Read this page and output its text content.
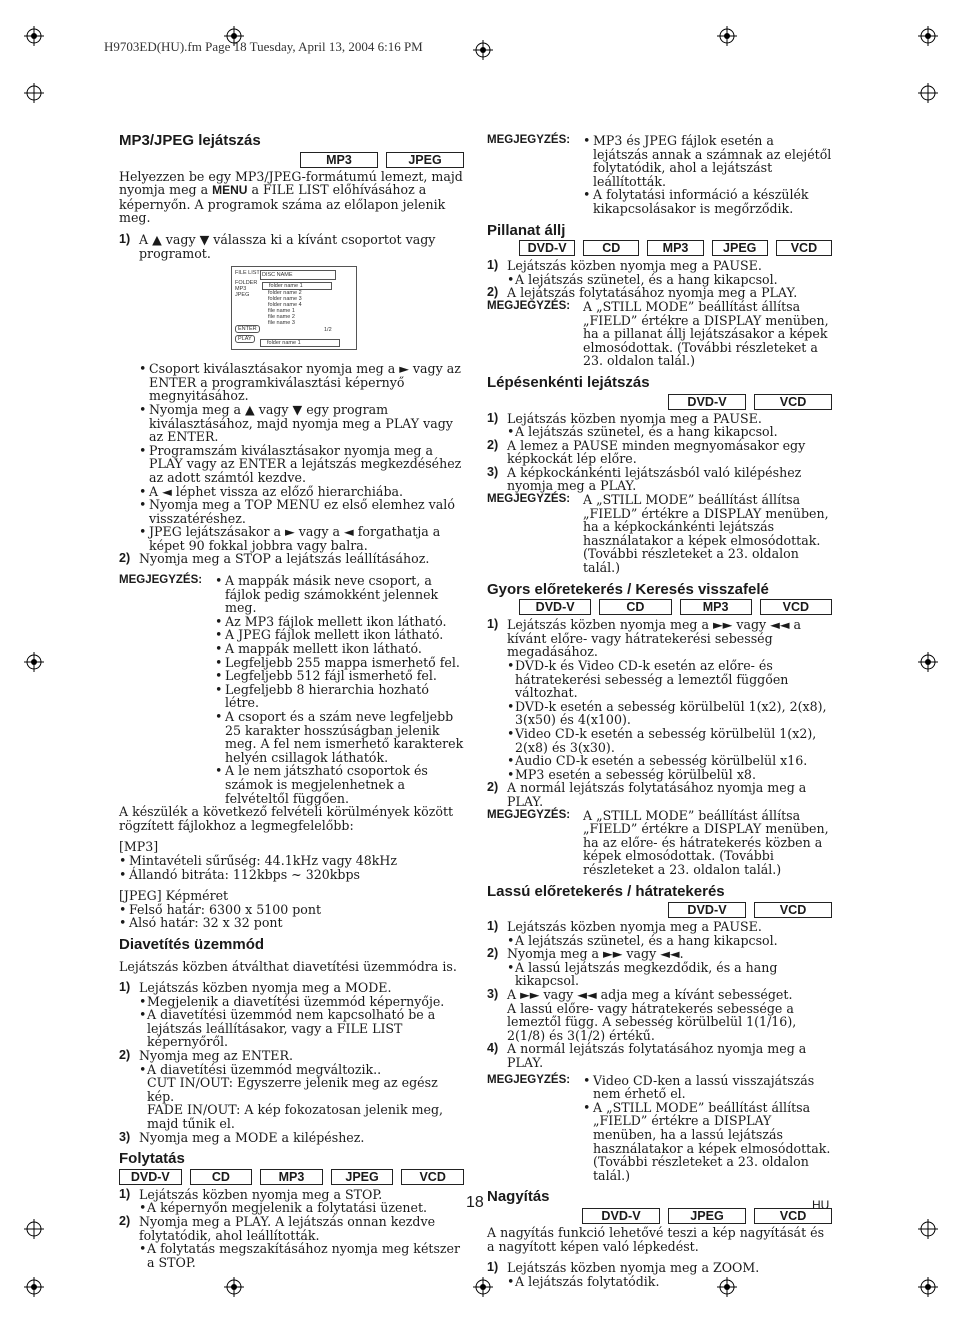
H9703ED(HU).fm Page 18 Tuesday, April 13, 2004 6:16 PM

MP3/JPEG lejátszás

MP3	JPEG

Helyezzen be egy MP3/JPEG-formátumú lemezt, majd nyomja meg a MENU a FILE LIST előhívásához a képernyőn. A programok száma az előlapon jelenik meg.

1) A ▲ vagy ▼ válassza ki a kívánt csoportot vagy programot.
FILE LIST
FOLDER
MP3
JPEG
ENTER
PLAY
DISC NAME
folder name 1
folder name 2
folder name 3
folder name 4
file name 1
file name 2
file name 3
1/2
folder name 1

• Csoport kiválasztásakor nyomja meg a ► vagy az ENTER a programkiválasztási képernyő megnyitásához.

• Nyomja meg a ▲ vagy ▼ egy program kiválasztásához, majd nyomja meg a PLAY vagy az ENTER.

• Programszám kiválasztásakor nyomja meg a PLAY vagy az ENTER a lejátszás megkezdéséhez az adott számtól kezdve.

• A ◄ léphet vissza az előző hierarchiába.

• Nyomja meg a TOP MENU ez első elemhez való visszatéréshez.

• JPEG lejátszásakor a ► vagy a ◄ forgathatja a képet 90 fokkal jobbra vagy balra.

2) Nyomja meg a STOP a lejátszás leállításához.
MEGJEGYZÉS:	• A mappák másik neve csoport, a fájlok pedig számokként jelennek meg.

• Az MP3 fájlok mellett ikon látható.

• A JPEG fájlok mellett ikon látható.

• A mappák mellett ikon látható.

• Legfeljebb 255 mappa ismerhető fel.

• Legfeljebb 512 fájl ismerhető fel.

• Legfeljebb 8 hierarchia hozható létre.

• A csoport és a szám neve legfeljebb 25 karakter hosszúságban jelenik meg. A fel nem ismerhető karakterek helyén csillagok láthatók.

• A le nem játszható csoportok és számok is megjelenhetnek a felvételtől függően.

A készülék a következő felvételi körülmények között rögzített fájlokhoz a legmegfelelőbb:

[MP3]

• Mintavételi sűrűség: 44.1kHz vagy 48kHz

• Állandó bitráta: 112kbps ~ 320kbps

[JPEG] Képméret

• Felső határ: 6300 x 5100 pont

• Alsó határ: 32 x 32 pont

Diavetítés üzemmód

Lejátszás közben átválthat diavetítési üzemmódra is.

1) Lejátszás közben nyomja meg a MODE.

• Megjelenik a diavetítési üzemmód képernyője.

• A diavetítési üzemmód nem kapcsolható be a lejátszás leállításakor, vagy a FILE LIST képernyőről.

2) Nyomja meg az ENTER.

• A diavetítési üzemmód megváltozik..

CUT IN/OUT: Egyszerre jelenik meg az egész kép.

FADE IN/OUT: A kép fokozatosan jelenik meg, majd tűnik el.

3) Nyomja meg a MODE a kilépéshez.

Folytatás

DVD-V	CD	MP3	JPEG	VCD
1) Lejátszás közben nyomja meg a STOP.

• A képernyőn megjelenik a folytatási üzenet.

2) Nyomja meg a PLAY. A lejátszás onnan kezdve folytatódik, ahol leállították.

• A folytatás megszakításához nyomja meg kétszer a STOP.

MEGJEGYZÉS:	• MP3 és JPEG fájlok esetén a lejátszás annak a számnak az elejétől folytatódik, ahol a lejátszást leállították.

• A folytatási információ a készülék kikapcsolásakor is megőrződik.

Pillanat állj

DVD-V	CD	MP3	JPEG	VCD
1) Lejátszás közben nyomja meg a PAUSE.

• A lejátszás szünetel, és a hang kikapcsol.

2) A lejátszás folytatásához nyomja meg a PLAY.
MEGJEGYZÉS: A „STILL MODE” beállítást állítsa „FIELD” értékre a DISPLAY menüben, ha a pillanat állj lejátszásakor a képek elmosódottak. (További részleteket a 23. oldalon talál.)

Lépésenkénti lejátszás

DVD-V	VCD
1) Lejátszás közben nyomja meg a PAUSE.

• A lejátszás szünetel, és a hang kikapcsol.

2) A lemez a PAUSE minden megnyomásakor egy képkockát lép előre.
3) A képkockánkénti lejátszásból való kilépéshez nyomja meg a PLAY.
MEGJEGYZÉS: A „STILL MODE” beállítást állítsa „FIELD” értékre a DISPLAY menüben, ha a képkockánkénti lejátszás használatakor a képek elmosódottak. (További részleteket a 23. oldalon talál.)

Gyors előretekerés / Keresés visszafelé

DVD-V	CD	MP3	VCD
1) Lejátszás közben nyomja meg a ►► vagy ◄◄ a kívánt előre- vagy hátratekerési sebesség megadásához.

• DVD-k és Video CD-k esetén az előre- és hátratekerési sebesség a lemeztől függően változhat.

• DVD-k esetén a sebesség körülbelül 1(x2), 2(x8), 3(x50) és 4(x100).

• Video CD-k esetén a sebesség körülbelül 1(x2), 2(x8) és 3(x30).

• Audio CD-k esetén a sebesség körülbelül x16.

• MP3 esetén a sebesség körülbelül x8.

2) A normál lejátszás folytatásához nyomja meg a PLAY.
MEGJEGYZÉS: A „STILL MODE” beállítást állítsa „FIELD” értékre a DISPLAY menüben, ha az előre- és hátratekerés közben a képek elmosódottak. (További részleteket a 23. oldalon talál.)

Lassú előretekerés / hátratekerés

DVD-V	VCD
1) Lejátszás közben nyomja meg a PAUSE.

• A lejátszás szünetel, és a hang kikapcsol.

2) Nyomja meg a ►► vagy ◄◄.

• A lassú lejátszás megkezdődik, és a hang kikapcsol.

3) A ►► vagy ◄◄ adja meg a kívánt sebességet.

A lassú előre- vagy hátratekerés sebessége a lemeztől függ. A sebesség körülbelül 1(1/16), 2(1/8) és 3(1/2) értékű.

4) A normál lejátszás folytatásához nyomja meg a PLAY.
MEGJEGYZÉS:	• Video CD-ken a lassú visszajátszás nem érhető el.

• A „STILL MODE” beállítást állítsa „FIELD” értékre a DISPLAY menüben, ha a lassú lejátszás használatakor a képek elmosódottak. (További részleteket a 23. oldalon talál.)

Nagyítás

DVD-V	JPEG	VCD

A nagyítás funkció lehetővé teszi a kép nagyítását és a nagyított képen való lépkedést.

1) Lejátszás közben nyomja meg a ZOOM.

• A lejátszás folytatódik.

18	HU
